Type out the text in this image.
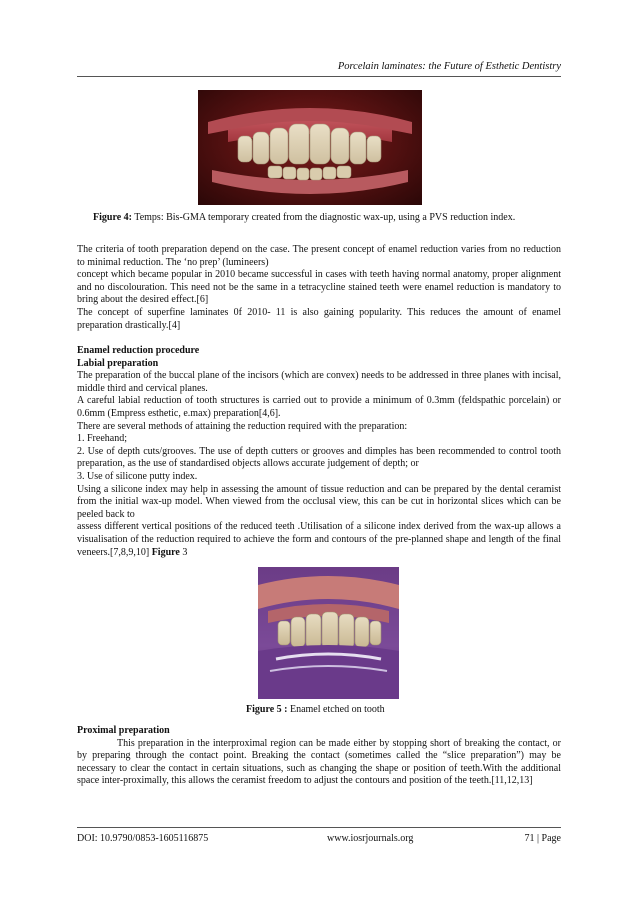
Porcelain laminates: the Future of Esthetic Dentistry
Figure 4: Temps: Bis-GMA temporary created from the diagnostic wax-up, using a PVS reduction index.

The criteria of tooth preparation depend on the case. The present concept of enamel reduction varies from no reduction to minimal reduction. The ‘no prep’ (lumineers)

concept which became popular in 2010 became successful in cases with teeth having normal anatomy, proper alignment and no discolouration. This need not be the same in a tetracycline stained teeth were enamel reduction is mandatory to bring about the desired effect.[6]

The concept of superfine laminates 0f 2010- 11 is also gaining popularity. This reduces the amount of enamel preparation drastically.[4]

Enamel reduction procedure

Labial preparation

The preparation of the buccal plane of the incisors (which are convex) needs to be addressed in three planes with incisal, middle third and cervical planes.

A careful labial reduction of tooth structures is carried out to provide a minimum of 0.3mm (feldspathic porcelain) or 0.6mm (Empress esthetic, e.max) preparation[4,6].

There are several methods of attaining the reduction required with the preparation:

1. Freehand;

2. Use of depth cuts/grooves. The use of depth cutters or grooves and dimples has been recommended to control tooth preparation, as the use of standardised objects allows accurate judgement of depth; or

3. Use of silicone putty index.

Using a silicone index may help in assessing the amount of tissue reduction and can be prepared by the dental ceramist from the initial wax-up model. When viewed from the occlusal view, this can be cut in horizontal slices which can be peeled back to

assess different vertical positions of the reduced teeth .Utilisation of a silicone index derived from the wax-up allows a visualisation of the reduction required to achieve the form and contours of the pre-planned shape and length of the final veneers.[7,8,9,10] Figure 3

Figure 5 : Enamel etched on tooth

Proximal preparation

This preparation in the interproximal region can be made either by stopping short of breaking the contact, or by preparing through the contact point. Breaking the contact (sometimes called the “slice preparation”) may be necessary to clear the contact in certain situations, such as changing the shape or position of teeth.With the additional space inter-proximally, this allows the ceramist freedom to adjust the contours and position of the teeth.[11,12,13]

DOI: 10.9790/0853-1605116875	www.iosrjournals.org	71 | Page
